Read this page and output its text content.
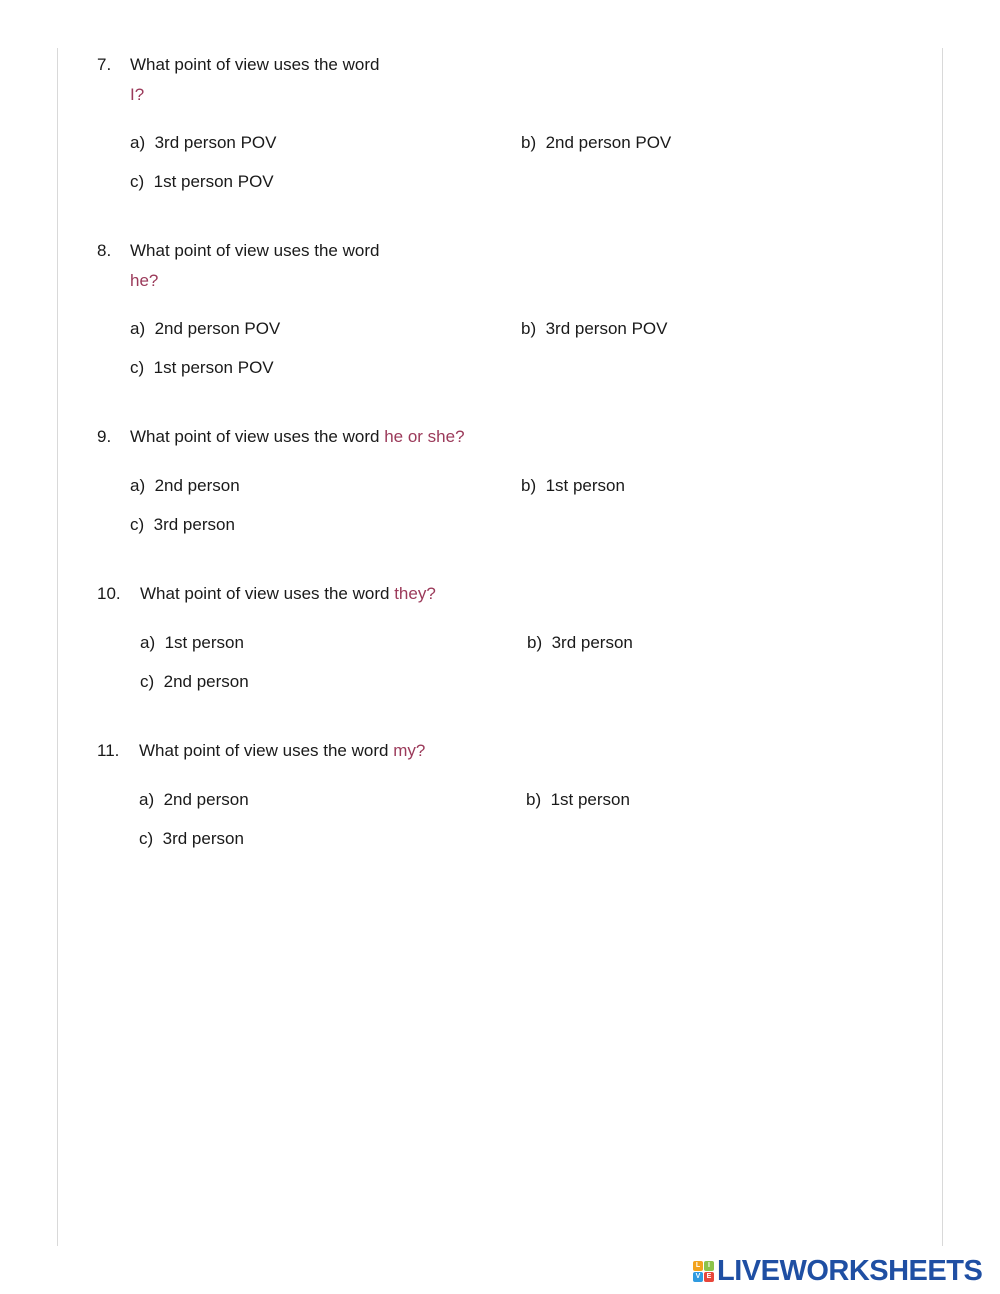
7. What point of view uses the word
I?
a) 3rd person POV	b) 2nd person POV
c) 1st person POV
8. What point of view uses the word
he?
a) 2nd person POV	b) 3rd person POV
c) 1st person POV
9. What point of view uses the word he or she?
a) 2nd person	b) 1st person
c) 3rd person
10. What point of view uses the word they?
a) 1st person	b) 3rd person
c) 2nd person
11. What point of view uses the word my?
a) 2nd person	b) 1st person
c) 3rd person
L	I
V E LIVEWORKSHEETS
